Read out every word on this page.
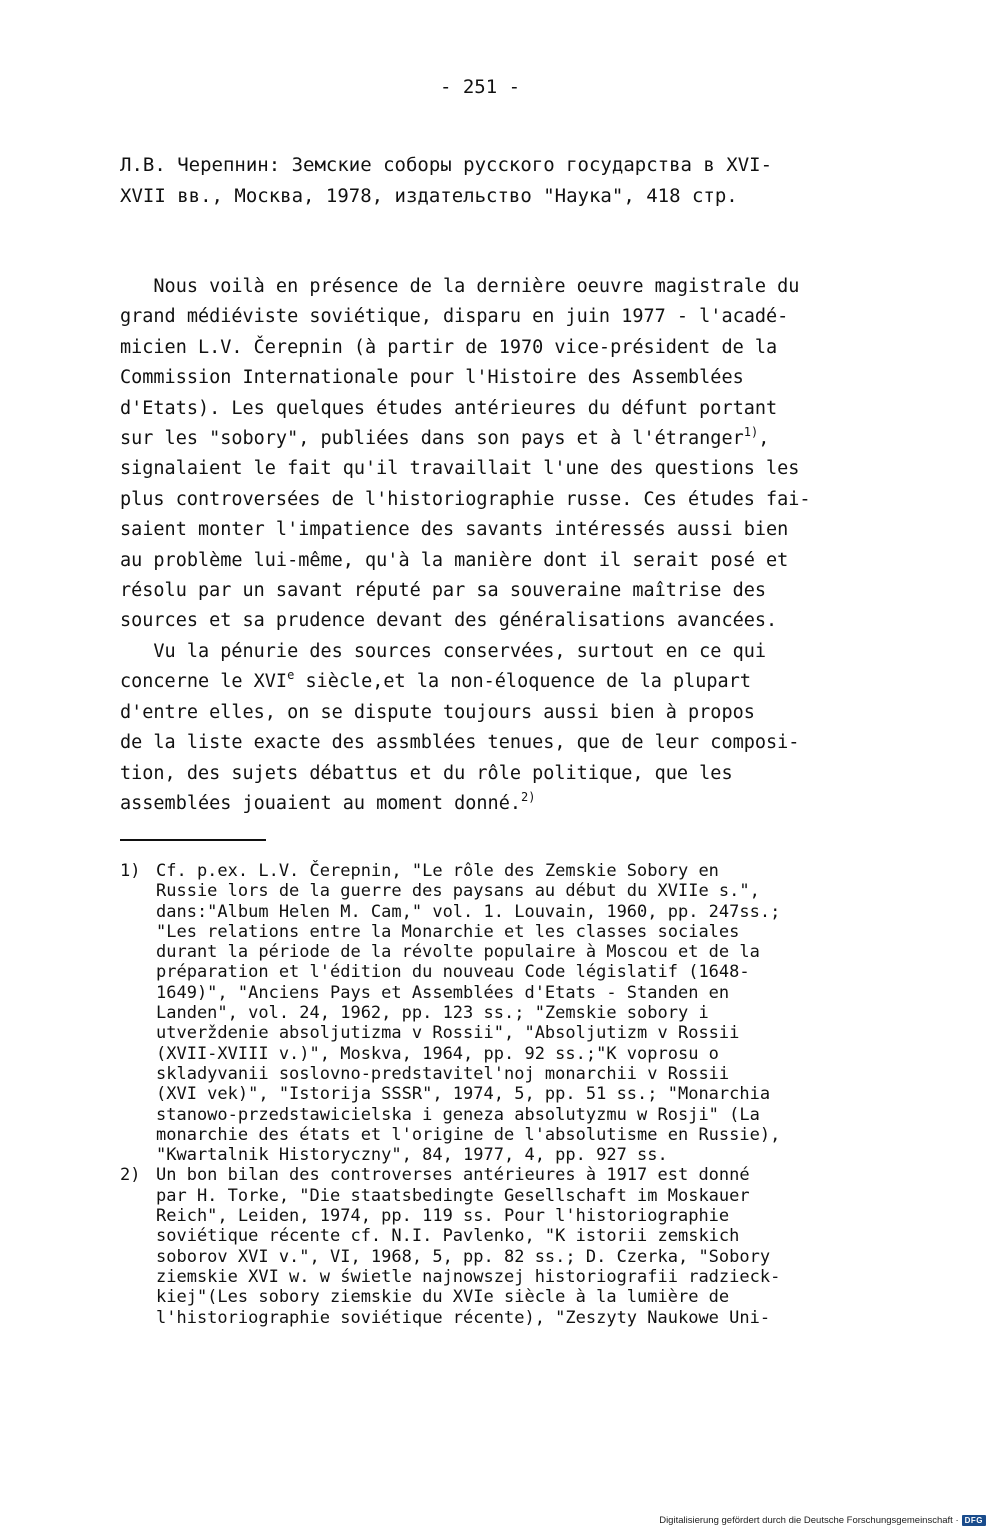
- 251 -
Л.В. Черепнин: Земские соборы русского государства в XVI-
XVII вв., Москва, 1978, издательство "Наука", 418 стр.
Nous voilà en présence de la dernière oeuvre magistrale du
grand médiéviste soviétique, disparu en juin 1977 - l'acadé-
micien L.V. Čerepnin (à partir de 1970 vice-président de la
Commission Internationale pour l'Histoire des Assemblées
d'Etats). Les quelques études antérieures du défunt portant
sur les "sobory", publiées dans son pays et à l'étranger$^{1)}$,
signalaient le fait qu'il travaillait l'une des questions les
plus controversées de l'historiographie russe. Ces études fai-
saient monter l'impatience des savants intéressés aussi bien
au problème lui-même, qu'à la manière dont il serait posé et
résolu par un savant réputé par sa souveraine maîtrise des
sources et sa prudence devant des généralisations avancées.
Vu la pénurie des sources conservées, surtout en ce qui
concerne le XVIe siècle,et la non-éloquence de la plupart
d'entre elles, on se dispute toujours aussi bien à propos
de la liste exacte des assmblées tenues, que de leur composi-
tion, des sujets débattus et du rôle politique, que les
assemblées jouaient au moment donné.$^{2)}$
1) Cf. p.ex. L.V. Čerepnin, "Le rôle des Zemskie Sobory en
Russie lors de la guerre des paysans au début du XVIIe s.",
dans:"Album Helen M. Cam," vol. 1. Louvain, 1960, pp. 247ss.;
"Les relations entre la Monarchie et les classes sociales
durant la période de la révolte populaire à Moscou et de la
préparation et l'édition du nouveau Code législatif (1648-
1649)", "Anciens Pays et Assemblées d'Etats - Standen en
Landen", vol. 24, 1962, pp. 123 ss.; "Zemskie sobory i
utverždenie absoljutizma v Rossii", "Absoljutizm v Rossii
(XVII-XVIII v.)", Moskva, 1964, pp. 92 ss.;"K voprosu o
skladyvanii soslovno-predstavitel'noj monarchii v Rossii
(XVI vek)", "Istorija SSSR", 1974, 5, pp. 51 ss.; "Monarchia
stanowo-przedstawicielska i geneza absolutyzmu w Rosji" (La
monarchie des états et l'origine de l'absolutisme en Russie),
"Kwartalnik Historyczny", 84, 1977, 4, pp. 927 ss.
2) Un bon bilan des controverses antérieures à 1917 est donné
par H. Torke, "Die staatsbedingte Gesellschaft im Moskauer
Reich", Leiden, 1974, pp. 119 ss. Pour l'historiographie
soviétique récente cf. N.I. Pavlenko, "K istorii zemskich
soborov XVI v.", VI, 1968, 5, pp. 82 ss.; D. Czerka, "Sobory
ziemskie XVI w. w świetle najnowszej historiografii radzieck-
kiej"(Les sobory ziemskie du XVIe siècle à la lumière de
l'historiographie soviétique récente), "Zeszyty Naukowe Uni-
Digitalisierung gefördert durch die Deutsche Forschungsgemeinschaft · DFG
